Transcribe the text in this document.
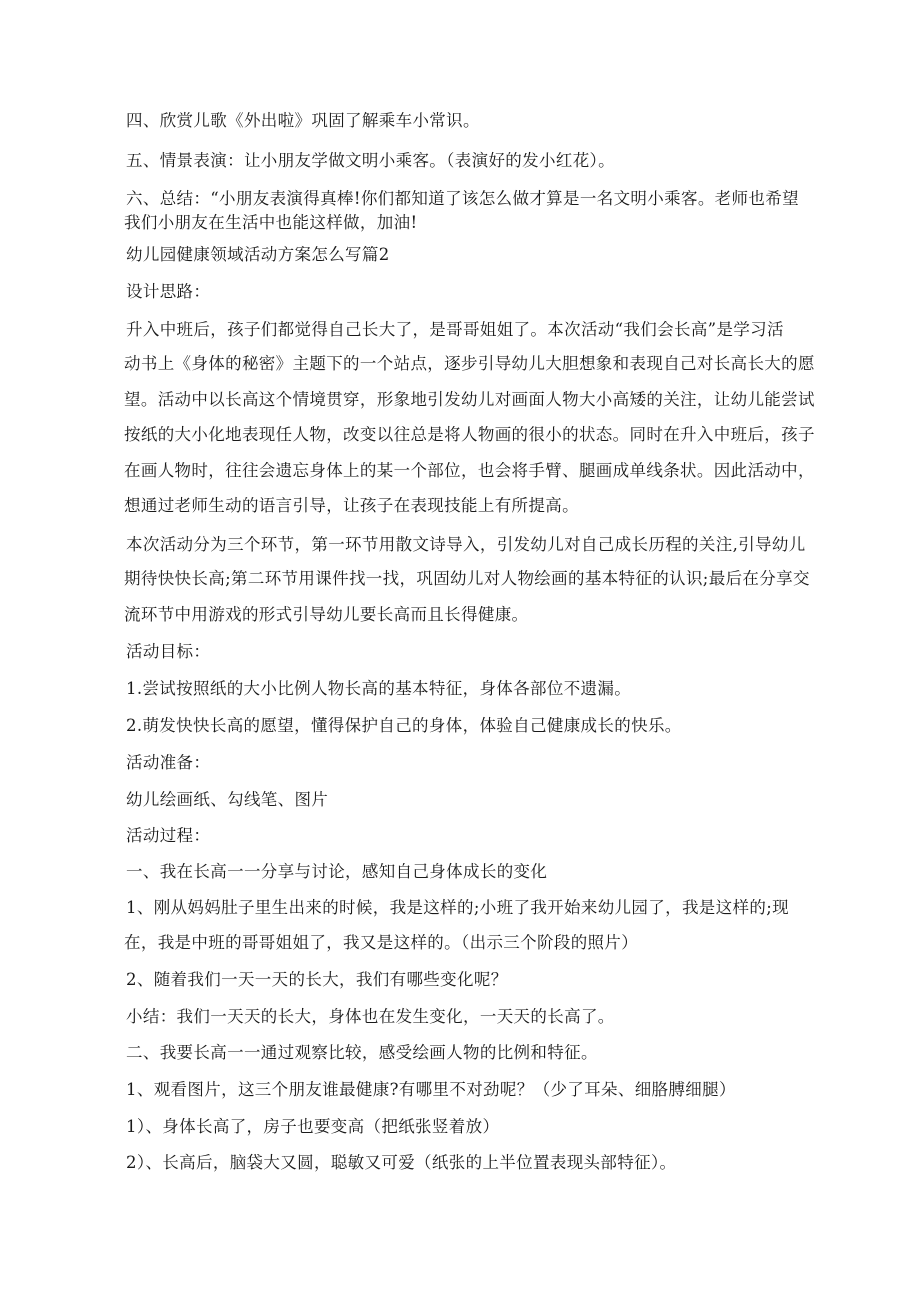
四、欣赏儿歌《外出啦》巩固了解乘车小常识。
五、情景表演：让小朋友学做文明小乘客。（表演好的发小红花）。
六、总结：“小朋友表演得真棒!你们都知道了该怎么做才算是一名文明小乘客。老师也希望
我们小朋友在生活中也能这样做，加油!
幼儿园健康领域活动方案怎么写篇2
设计思路：
升入中班后，孩子们都觉得自己长大了，是哥哥姐姐了。本次活动“我们会长高”是学习活
动书上《身体的秘密》主题下的一个站点，逐步引导幼儿大胆想象和表现自己对长高长大的愿
望。活动中以长高这个情境贯穿，形象地引发幼儿对画面人物大小高矮的关注，让幼儿能尝试
按纸的大小化地表现任人物，改变以往总是将人物画的很小的状态。同时在升入中班后，孩子
在画人物时，往往会遗忘身体上的某一个部位，也会将手臂、腿画成单线条状。因此活动中，
想通过老师生动的语言引导，让孩子在表现技能上有所提高。
本次活动分为三个环节，第一环节用散文诗导入，引发幼儿对自己成长历程的关注,引导幼儿
期待快快长高;第二环节用课件找一找，巩固幼儿对人物绘画的基本特征的认识;最后在分享交
流环节中用游戏的形式引导幼儿要长高而且长得健康。
活动目标：
1.尝试按照纸的大小比例人物长高的基本特征，身体各部位不遗漏。
2.萌发快快长高的愿望，懂得保护自己的身体，体验自己健康成长的快乐。
活动准备：
幼儿绘画纸、勾线笔、图片
活动过程：
一、我在长高一一分享与讨论，感知自己身体成长的变化
1、刚从妈妈肚子里生出来的时候，我是这样的;小班了我开始来幼儿园了，我是这样的;现
在，我是中班的哥哥姐姐了，我又是这样的。（出示三个阶段的照片）
2、随着我们一天一天的长大，我们有哪些变化呢？
小结：我们一天天的长大，身体也在发生变化，一天天的长高了。
二、我要长高一一通过观察比较，感受绘画人物的比例和特征。
1、观看图片，这三个朋友谁最健康?有哪里不对劲呢？（少了耳朵、细胳膊细腿）
1）、身体长高了，房子也要变高（把纸张竖着放）
2）、长高后，脑袋大又圆，聪敏又可爱（纸张的上半位置表现头部特征）。
